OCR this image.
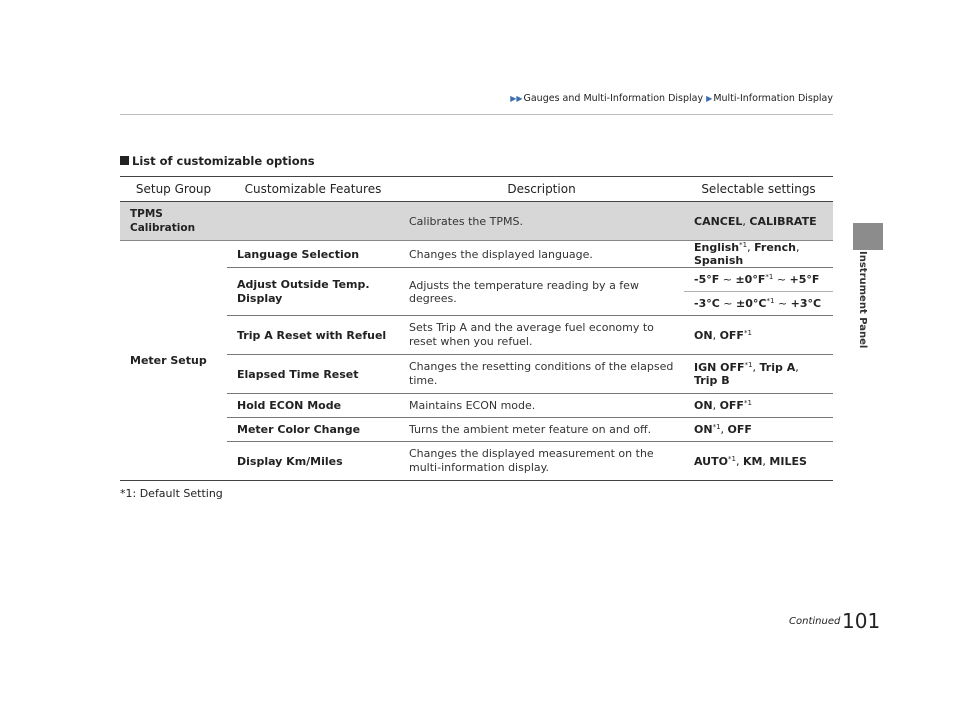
▶▶Gauges and Multi-Information Display ▶Multi-Information Display
Instrument Panel
List of customizable options
Setup Group	Customizable Features	Description	Selectable settings
TPMS Calibration		Calibrates the TPMS.	CANCEL, CALIBRATE
Meter Setup	Language Selection	Changes the displayed language.	English$^{*1}$, French, Spanish
	Adjust Outside Temp. Display	Adjusts the temperature reading by a few degrees.	-5°F ~ $\pm 0^\circ F^{*1}$ ~ +5°F
			-3°C ~ $\pm 0^\circ C^{*1}$ ~ +3°C
	Trip A Reset with Refuel	Sets Trip A and the average fuel economy to reset when you refuel.	ON, OFF$^{*1}$
	Elapsed Time Reset	Changes the resetting conditions of the elapsed time.	IGN OFF$^{*1}$, Trip A, Trip B
	Hold ECON Mode	Maintains ECON mode.	ON, OFF$^{*1}$
	Meter Color Change	Turns the ambient meter feature on and off.	ON$^{*1}$, OFF
	Display Km/Miles	Changes the displayed measurement on the multi-information display.	AUTO$^{*1}$, KM, MILES
*1: Default Setting
Continued 101
